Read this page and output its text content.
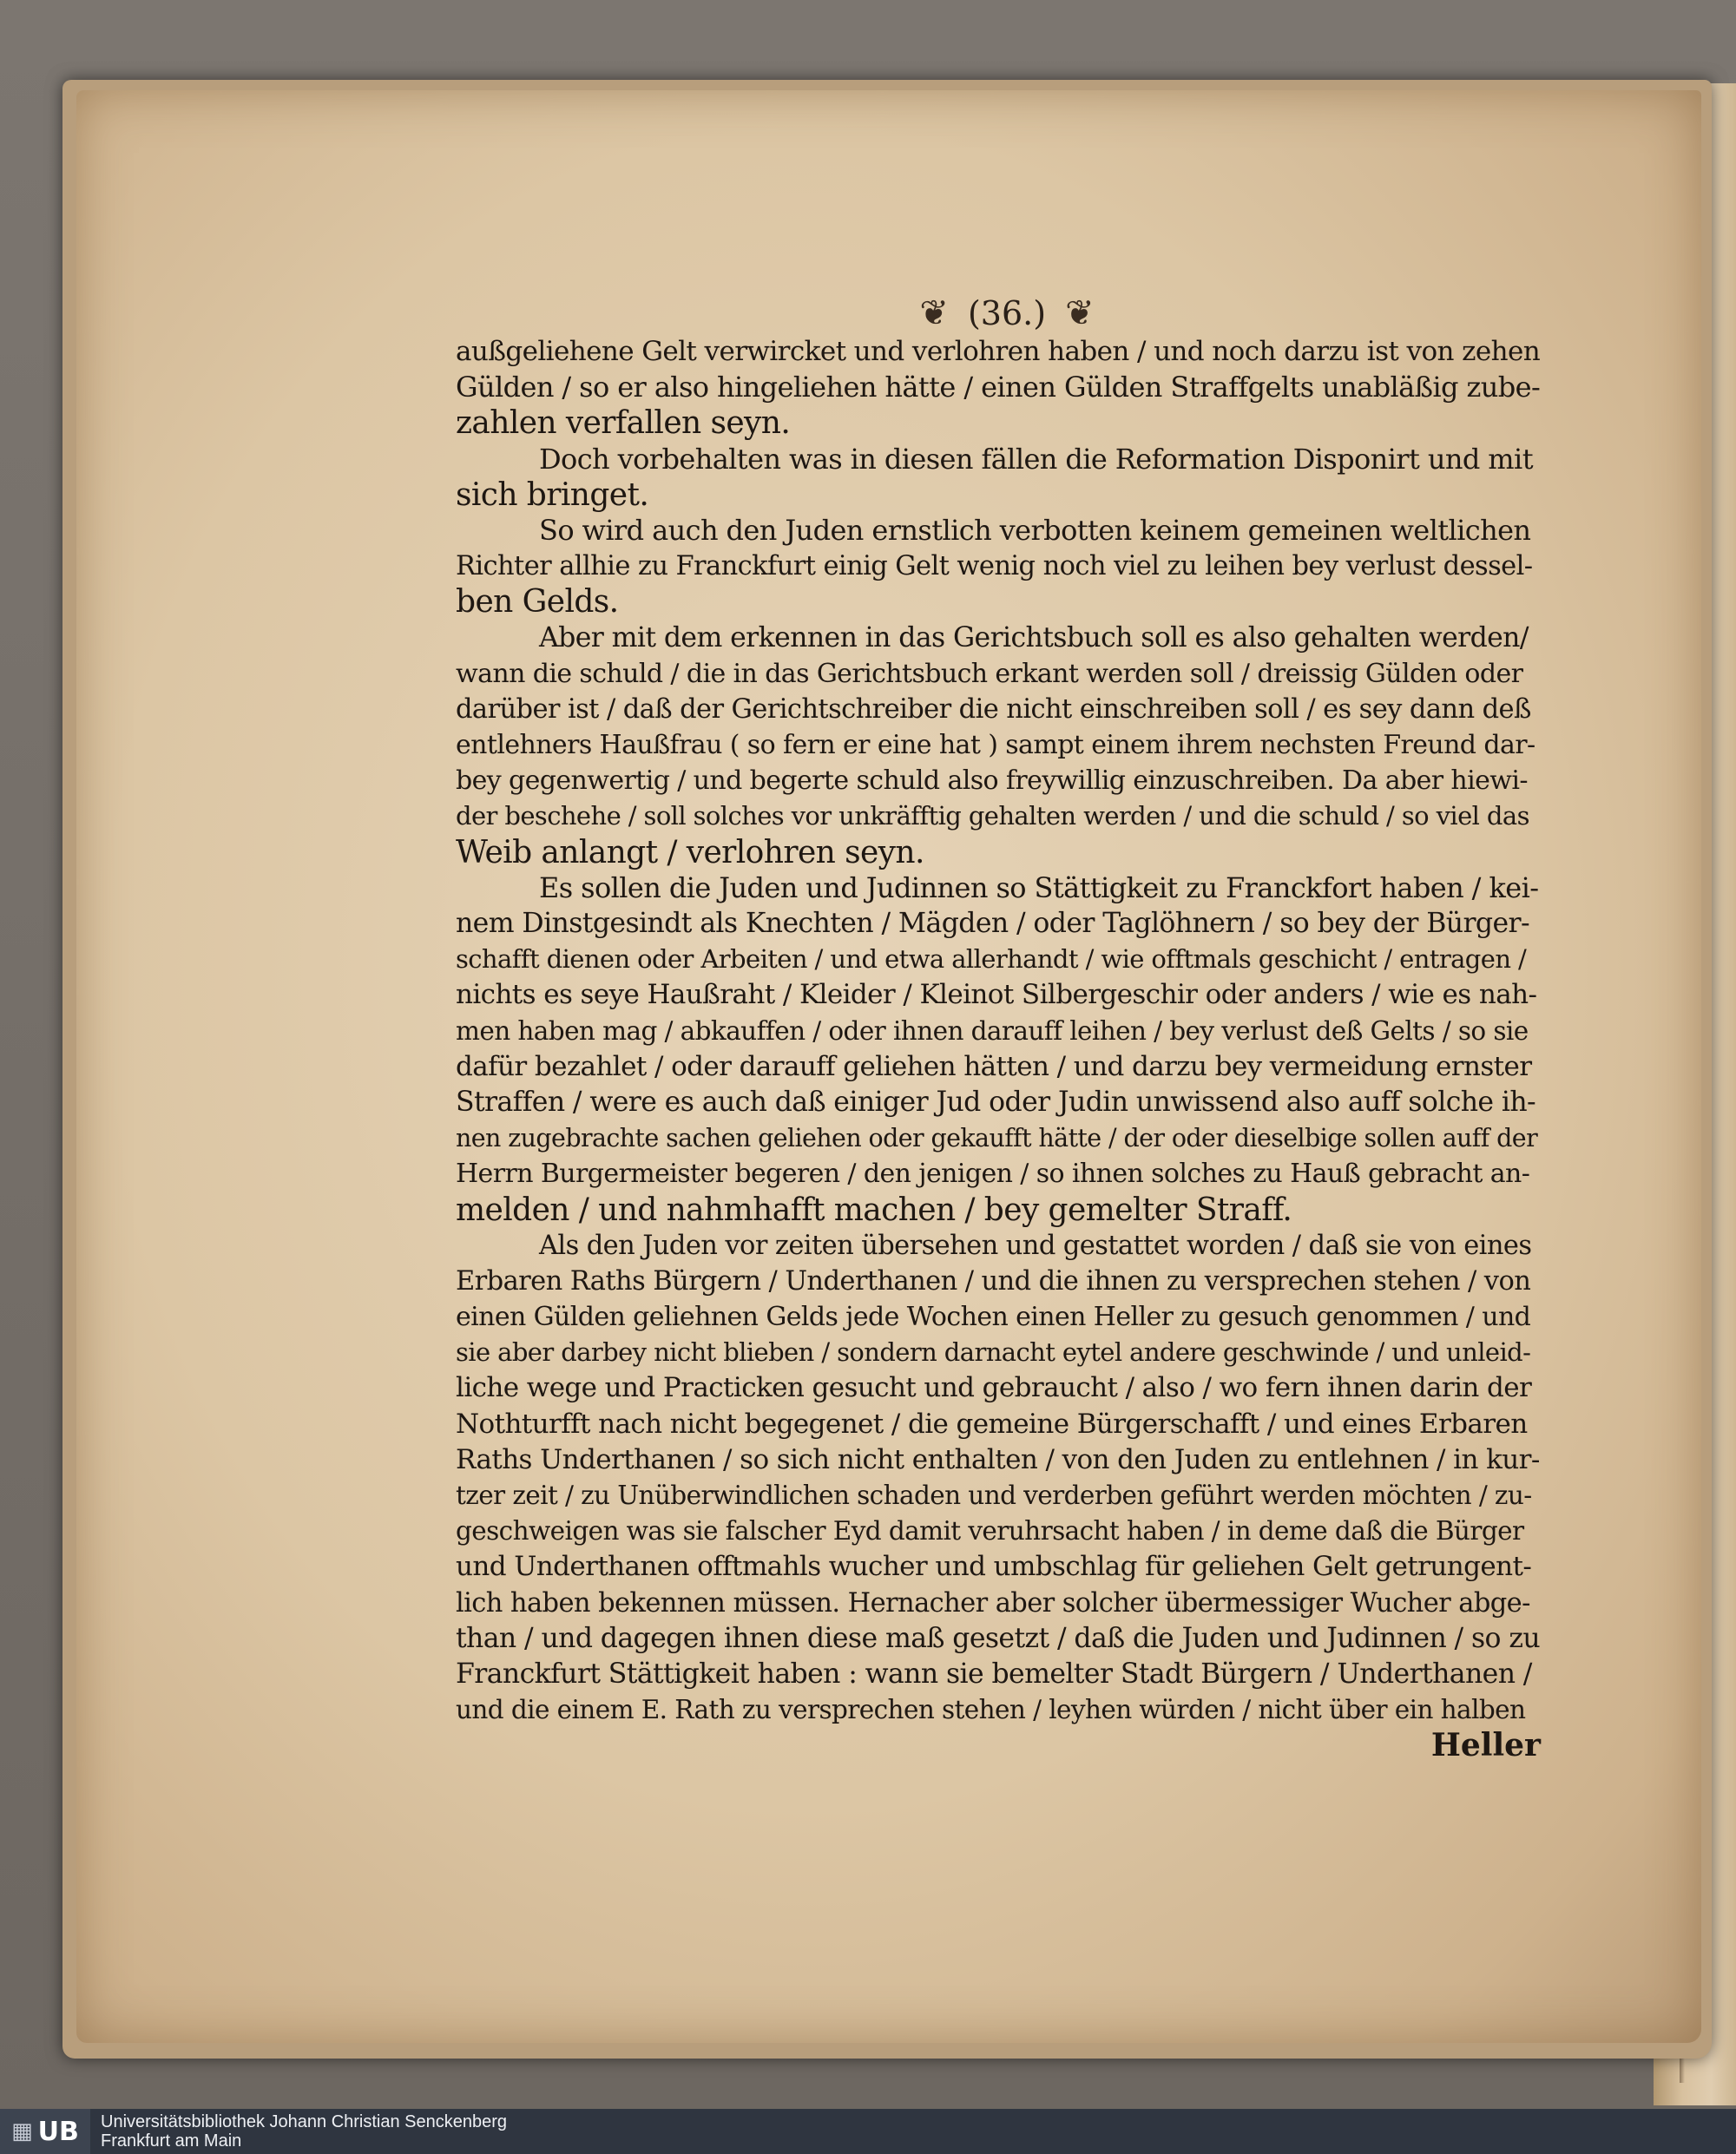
❦ (36.) ❦
außgeliehene Gelt verwircket und verlohren haben / und noch darzu ist von zehen
Gülden / so er also hingeliehen hätte / einen Gülden Straffgelts unabläßig zube-
zahlen verfallen seyn.
Doch vorbehalten was in diesen fällen die Reformation Disponirt und mit
sich bringet.
So wird auch den Juden ernstlich verbotten keinem gemeinen weltlichen
Richter allhie zu Franckfurt einig Gelt wenig noch viel zu leihen bey verlust dessel-
ben Gelds.
Aber mit dem erkennen in das Gerichtsbuch soll es also gehalten werden/
wann die schuld / die in das Gerichtsbuch erkant werden soll / dreissig Gülden oder
darüber ist / daß der Gerichtschreiber die nicht einschreiben soll / es sey dann deß
entlehners Haußfrau ( so fern er eine hat ) sampt einem ihrem nechsten Freund dar-
bey gegenwertig / und begerte schuld also freywillig einzuschreiben. Da aber hiewi-
der beschehe / soll solches vor unkräfftig gehalten werden / und die schuld / so viel das
Weib anlangt / verlohren seyn.
Es sollen die Juden und Judinnen so Stättigkeit zu Franckfort haben / kei-
nem Dinstgesindt als Knechten / Mägden / oder Taglöhnern / so bey der Bürger-
schafft dienen oder Arbeiten / und etwa allerhandt / wie offtmals geschicht / entragen /
nichts es seye Haußraht / Kleider / Kleinot Silbergeschir oder anders / wie es nah-
men haben mag / abkauffen / oder ihnen darauff leihen / bey verlust deß Gelts / so sie
dafür bezahlet / oder darauff geliehen hätten / und darzu bey vermeidung ernster
Straffen / were es auch daß einiger Jud oder Judin unwissend also auff solche ih-
nen zugebrachte sachen geliehen oder gekaufft hätte / der oder dieselbige sollen auff der
Herrn Burgermeister begeren / den jenigen / so ihnen solches zu Hauß gebracht an-
melden / und nahmhafft machen / bey gemelter Straff.
Als den Juden vor zeiten übersehen und gestattet worden / daß sie von eines
Erbaren Raths Bürgern / Underthanen / und die ihnen zu versprechen stehen / von
einen Gülden geliehnen Gelds jede Wochen einen Heller zu gesuch genommen / und
sie aber darbey nicht blieben / sondern darnacht eytel andere geschwinde / und unleid-
liche wege und Practicken gesucht und gebraucht / also / wo fern ihnen darin der
Nothturfft nach nicht begegenet / die gemeine Bürgerschafft / und eines Erbaren
Raths Underthanen / so sich nicht enthalten / von den Juden zu entlehnen / in kur-
tzer zeit / zu Unüberwindlichen schaden und verderben geführt werden möchten / zu-
geschweigen was sie falscher Eyd damit veruhrsacht haben / in deme daß die Bürger
und Underthanen offtmahls wucher und umbschlag für geliehen Gelt getrungent-
lich haben bekennen müssen. Hernacher aber solcher übermessiger Wucher abge-
than / und dagegen ihnen diese maß gesetzt / daß die Juden und Judinnen / so zu
Franckfurt Stättigkeit haben : wann sie bemelter Stadt Bürgern / Underthanen /
und die einem E. Rath zu versprechen stehen / leyhen würden / nicht über ein halben
Heller
▦ UB Universitätsbibliothek Johann Christian Senckenberg
Frankfurt am Main
